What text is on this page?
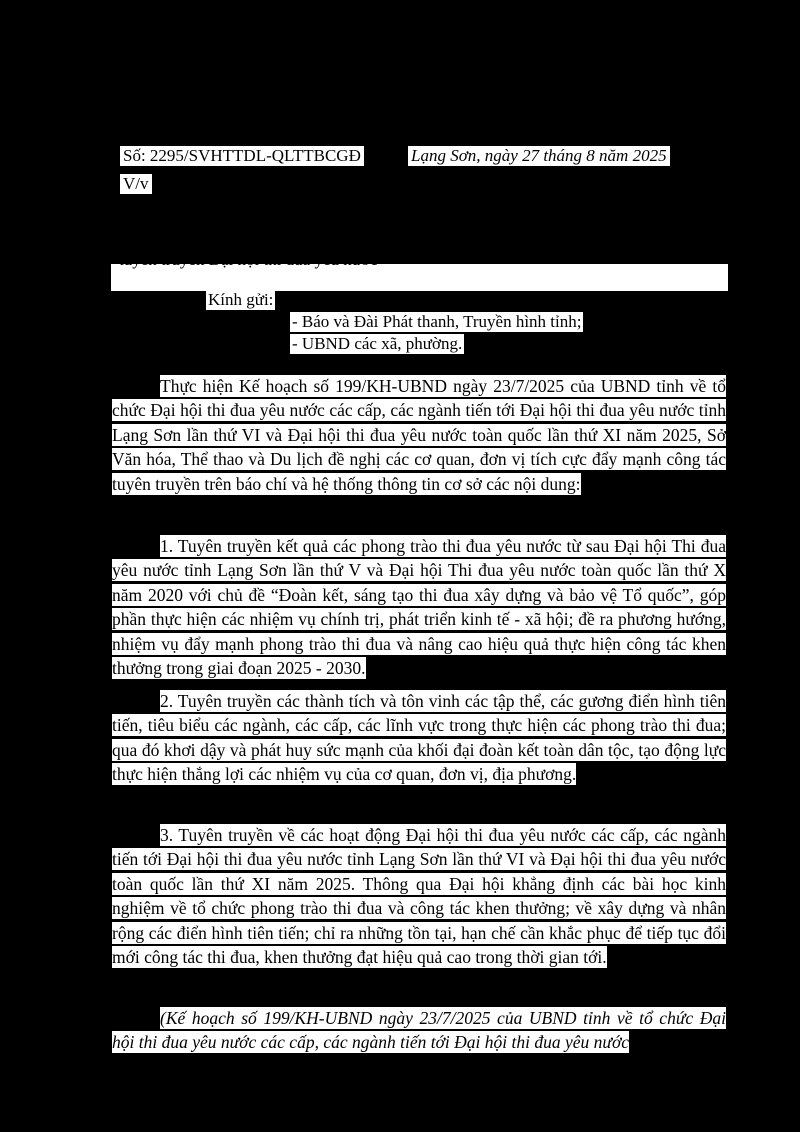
Số: 2295/SVHTTDL-QLTTBCGĐ	Lạng Sơn, ngày 27 tháng 8 năm 2025
V/v
tuyên truyền Đại hội thi đua yêu nước
Kính gửi:
- Báo và Đài Phát thanh, Truyền hình tỉnh;
- UBND các xã, phường.

Thực hiện Kế hoạch số 199/KH-UBND ngày 23/7/2025 của UBND tỉnh về tổ chức Đại hội thi đua yêu nước các cấp, các ngành tiến tới Đại hội thi đua yêu nước tỉnh Lạng Sơn lần thứ VI và Đại hội thi đua yêu nước toàn quốc lần thứ XI năm 2025, Sở Văn hóa, Thể thao và Du lịch đề nghị các cơ quan, đơn vị tích cực đẩy mạnh công tác tuyên truyền trên báo chí và hệ thống thông tin cơ sở các nội dung:

1. Tuyên truyền kết quả các phong trào thi đua yêu nước từ sau Đại hội Thi đua yêu nước tỉnh Lạng Sơn lần thứ V và Đại hội Thi đua yêu nước toàn quốc lần thứ X năm 2020 với chủ đề “Đoàn kết, sáng tạo thi đua xây dựng và bảo vệ Tổ quốc”, góp phần thực hiện các nhiệm vụ chính trị, phát triển kinh tế - xã hội; đề ra phương hướng, nhiệm vụ đẩy mạnh phong trào thi đua và nâng cao hiệu quả thực hiện công tác khen thưởng trong giai đoạn 2025 - 2030.

2. Tuyên truyền các thành tích và tôn vinh các tập thể, các gương điển hình tiên tiến, tiêu biểu các ngành, các cấp, các lĩnh vực trong thực hiện các phong trào thi đua; qua đó khơi dậy và phát huy sức mạnh của khối đại đoàn kết toàn dân tộc, tạo động lực thực hiện thắng lợi các nhiệm vụ của cơ quan, đơn vị, địa phương.

3. Tuyên truyền về các hoạt động Đại hội thi đua yêu nước các cấp, các ngành tiến tới Đại hội thi đua yêu nước tỉnh Lạng Sơn lần thứ VI và Đại hội thi đua yêu nước toàn quốc lần thứ XI năm 2025. Thông qua Đại hội khẳng định các bài học kinh nghiệm về tổ chức phong trào thi đua và công tác khen thưởng; về xây dựng và nhân rộng các điển hình tiên tiến; chỉ ra những tồn tại, hạn chế cần khắc phục để tiếp tục đổi mới công tác thi đua, khen thưởng đạt hiệu quả cao trong thời gian tới.

(Kế hoạch số 199/KH-UBND ngày 23/7/2025 của UBND tỉnh về tổ chức Đại hội thi đua yêu nước các cấp, các ngành tiến tới Đại hội thi đua yêu nước
